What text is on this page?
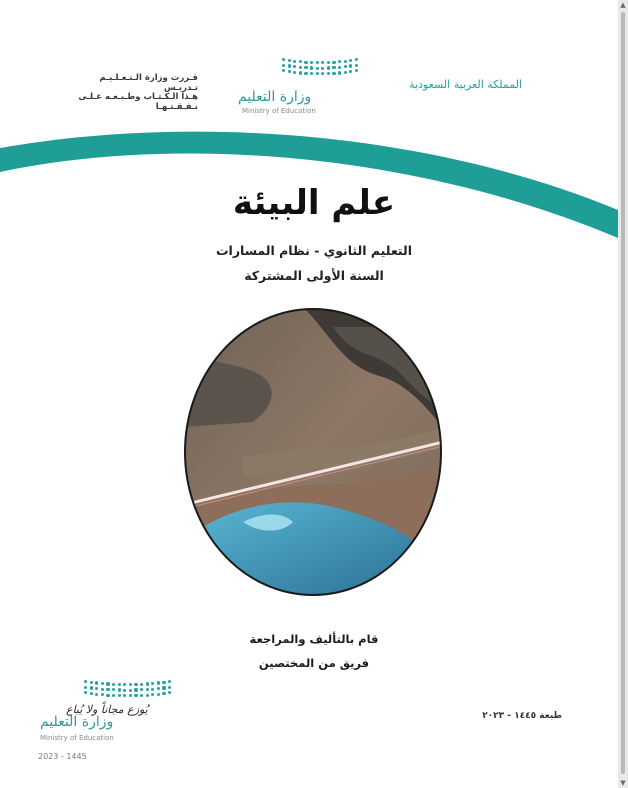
المملكة العربية السعودية
قـررت وزارة الـتـعـلـيـم تـدريـس
هـذا الـكـتـاب وطـبـعـه عـلـى نـفـقـتـهـا
وزارة التعليم
Ministry of Education
علم البيئة
التعليم الثانوي - نظام المسارات
السنة الأولى المشتركة
قام بالتأليف والمراجعة
فريق من المختصين
طبعة ١٤٤٥ - ٢٠٢٣
وزارة التعليم
Ministry of Education
يُوزع مجاناً ولا يُباع
2023 - 1445
▲
▼
